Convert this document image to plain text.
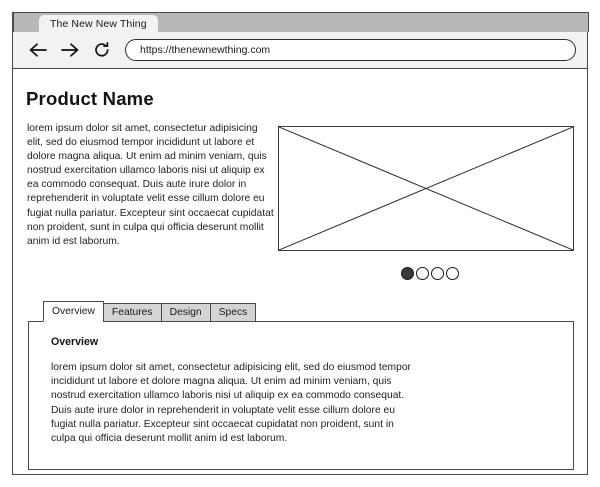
The New New Thing
https://thenewnewthing.com
Product Name
lorem ipsum dolor sit amet, consectetur adipisicing elit, sed do eiusmod tempor incididunt ut labore et dolore magna aliqua. Ut enim ad minim veniam, quis nostrud exercitation ullamco laboris nisi ut aliquip ex ea commodo consequat. Duis aute irure dolor in reprehenderit in voluptate velit esse cillum dolore eu fugiat nulla pariatur. Excepteur sint occaecat cupidatat non proident, sunt in culpa qui officia deserunt mollit anim id est laborum.
Overview Features Design Specs
Overview
lorem ipsum dolor sit amet, consectetur adipisicing elit, sed do eiusmod tempor incididunt ut labore et dolore magna aliqua. Ut enim ad minim veniam, quis nostrud exercitation ullamco laboris nisi ut aliquip ex ea commodo consequat. Duis aute irure dolor in reprehenderit in voluptate velit esse cillum dolore eu fugiat nulla pariatur. Excepteur sint occaecat cupidatat non proident, sunt in culpa qui officia deserunt mollit anim id est laborum.
